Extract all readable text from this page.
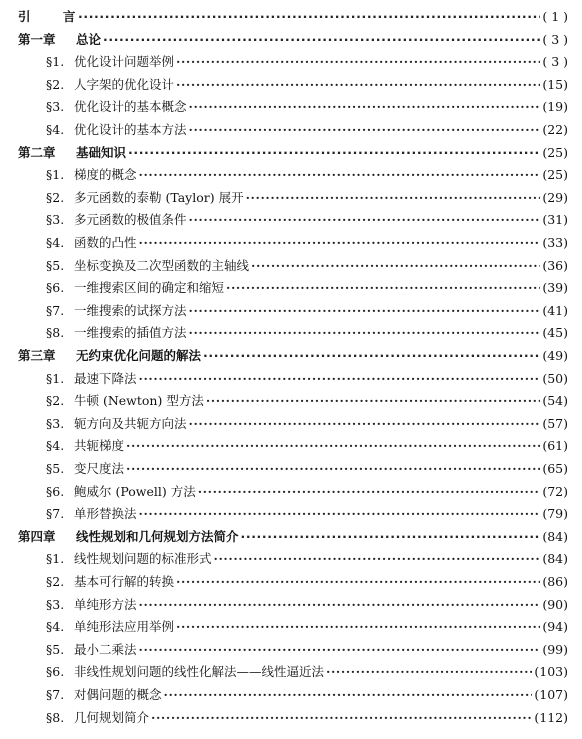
引 言 ·····	( 1 )
第一章	总论 ·····	( 3 )
§1. 优化设计问题举例 ·····	( 3 )
§2. 人字架的优化设计 ·····	(15)
§3. 优化设计的基本概念 ·····	(19)
§4. 优化设计的基本方法 ·····	(22)
第二章	基础知识 ·····	(25)
§1. 梯度的概念 ·····	(25)
§2. 多元函数的泰勒 (Taylor) 展开 ·····	(29)
§3. 多元函数的极值条件 ·····	(31)
§4. 函数的凸性 ·····	(33)
§5. 坐标变换及二次型函数的主轴线 ·····	(36)
§6. 一维搜索区间的确定和缩短 ·····	(39)
§7. 一维搜索的试探方法 ·····	(41)
§8. 一维搜索的插值方法 ·····	(45)
第三章	无约束优化问题的解法 ·····	(49)
§1. 最速下降法 ·····	(50)
§2. 牛顿 (Newton) 型方法 ·····	(54)
§3. 轭方向及共轭方向法 ·····	(57)
§4. 共轭梯度 ·····	(61)
§5. 变尺度法 ·····	(65)
§6. 鲍威尔 (Powell) 方法 ·····	(72)
§7. 单形替换法 ·····	(79)
第四章	线性规划和几何规划方法简介 ·····	(84)
§1. 线性规划问题的标准形式 ·····	(84)
§2. 基本可行解的转换 ·····	(86)
§3. 单纯形方法 ·····	(90)
§4. 单纯形法应用举例 ·····	(94)
§5. 最小二乘法 ·····	(99)
§6. 非线性规划问题的线性化解法——线性逼近法 ·····	(103)
§7. 对偶问题的概念 ·····	(107)
§8. 几何规划简介 ·····	(112)
